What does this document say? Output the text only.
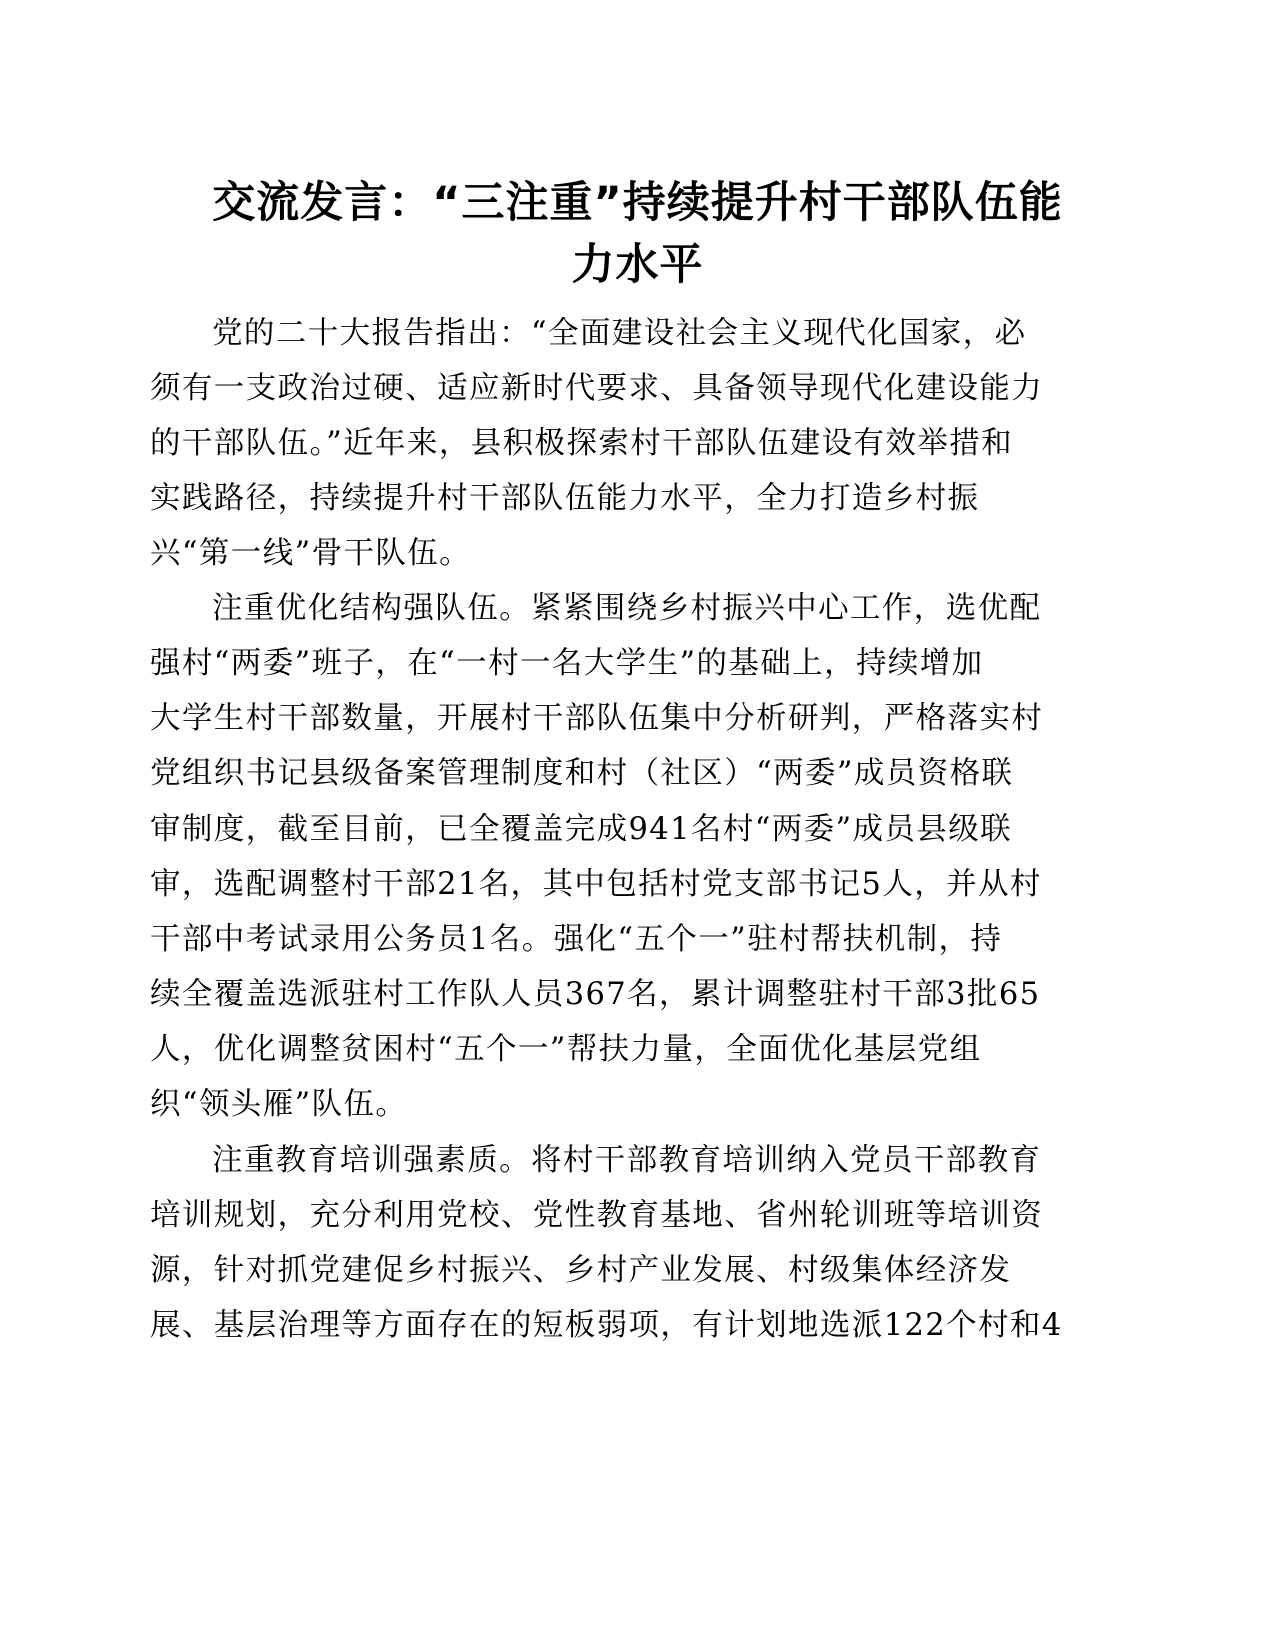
交流发言：“三注重”持续提升村干部队伍能
力水平
党的二十大报告指出：“全面建设社会主义现代化国家，必
须有一支政治过硬、适应新时代要求、具备领导现代化建设能力
的干部队伍。”近年来，县积极探索村干部队伍建设有效举措和
实践路径，持续提升村干部队伍能力水平，全力打造乡村振
兴“第一线”骨干队伍。
注重优化结构强队伍。紧紧围绕乡村振兴中心工作，选优配
强村“两委”班子，在“一村一名大学生”的基础上，持续增加
大学生村干部数量，开展村干部队伍集中分析研判，严格落实村
党组织书记县级备案管理制度和村（社区）“两委”成员资格联
审制度，截至目前，已全覆盖完成941名村“两委”成员县级联
审，选配调整村干部21名，其中包括村党支部书记5人，并从村
干部中考试录用公务员1名。强化“五个一”驻村帮扶机制，持
续全覆盖选派驻村工作队人员367名，累计调整驻村干部3批65
人，优化调整贫困村“五个一”帮扶力量，全面优化基层党组
织“领头雁”队伍。
注重教育培训强素质。将村干部教育培训纳入党员干部教育
培训规划，充分利用党校、党性教育基地、省州轮训班等培训资
源，针对抓党建促乡村振兴、乡村产业发展、村级集体经济发
展、基层治理等方面存在的短板弱项，有计划地选派122个村和4
